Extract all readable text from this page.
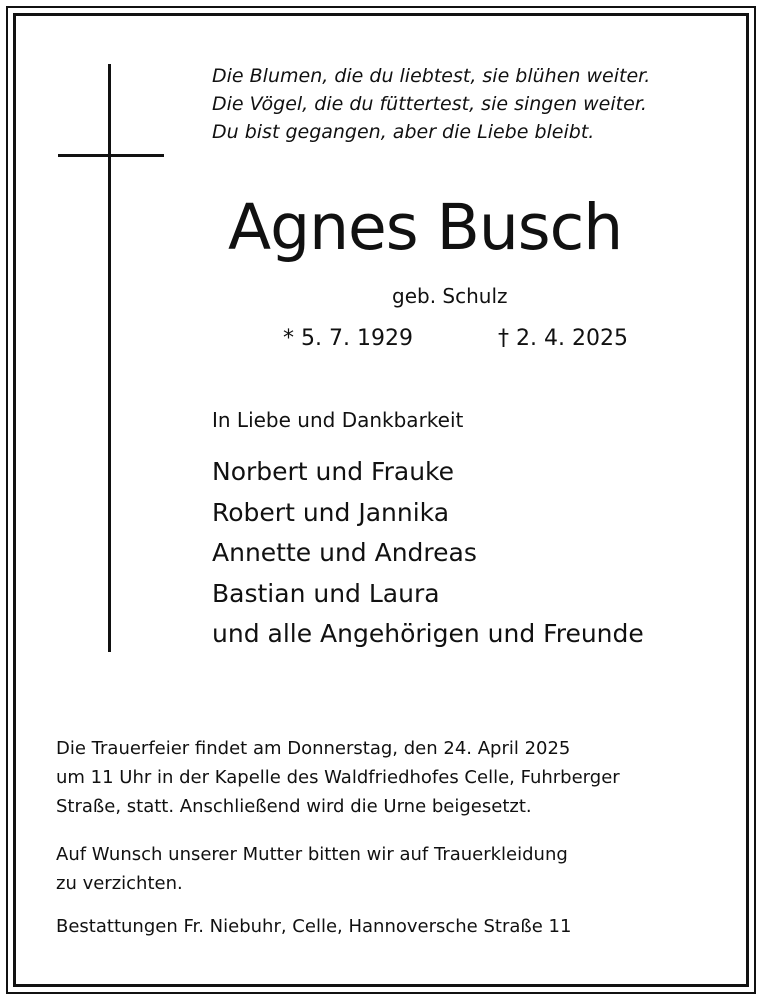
Die Blumen, die du liebtest, sie blühen weiter.
Die Vögel, die du füttertest, sie singen weiter.
Du bist gegangen, aber die Liebe bleibt.
Agnes Busch
geb. Schulz
* 5. 7. 1929	† 2. 4. 2025
In Liebe und Dankbarkeit
Norbert und Frauke
Robert und Jannika
Annette und Andreas
Bastian und Laura
und alle Angehörigen und Freunde
Die Trauerfeier findet am Donnerstag, den 24. April 2025
um 11 Uhr in der Kapelle des Waldfriedhofes Celle, Fuhrberger
Straße, statt. Anschließend wird die Urne beigesetzt.
Auf Wunsch unserer Mutter bitten wir auf Trauerkleidung
zu verzichten.
Bestattungen Fr. Niebuhr, Celle, Hannoversche Straße 11
